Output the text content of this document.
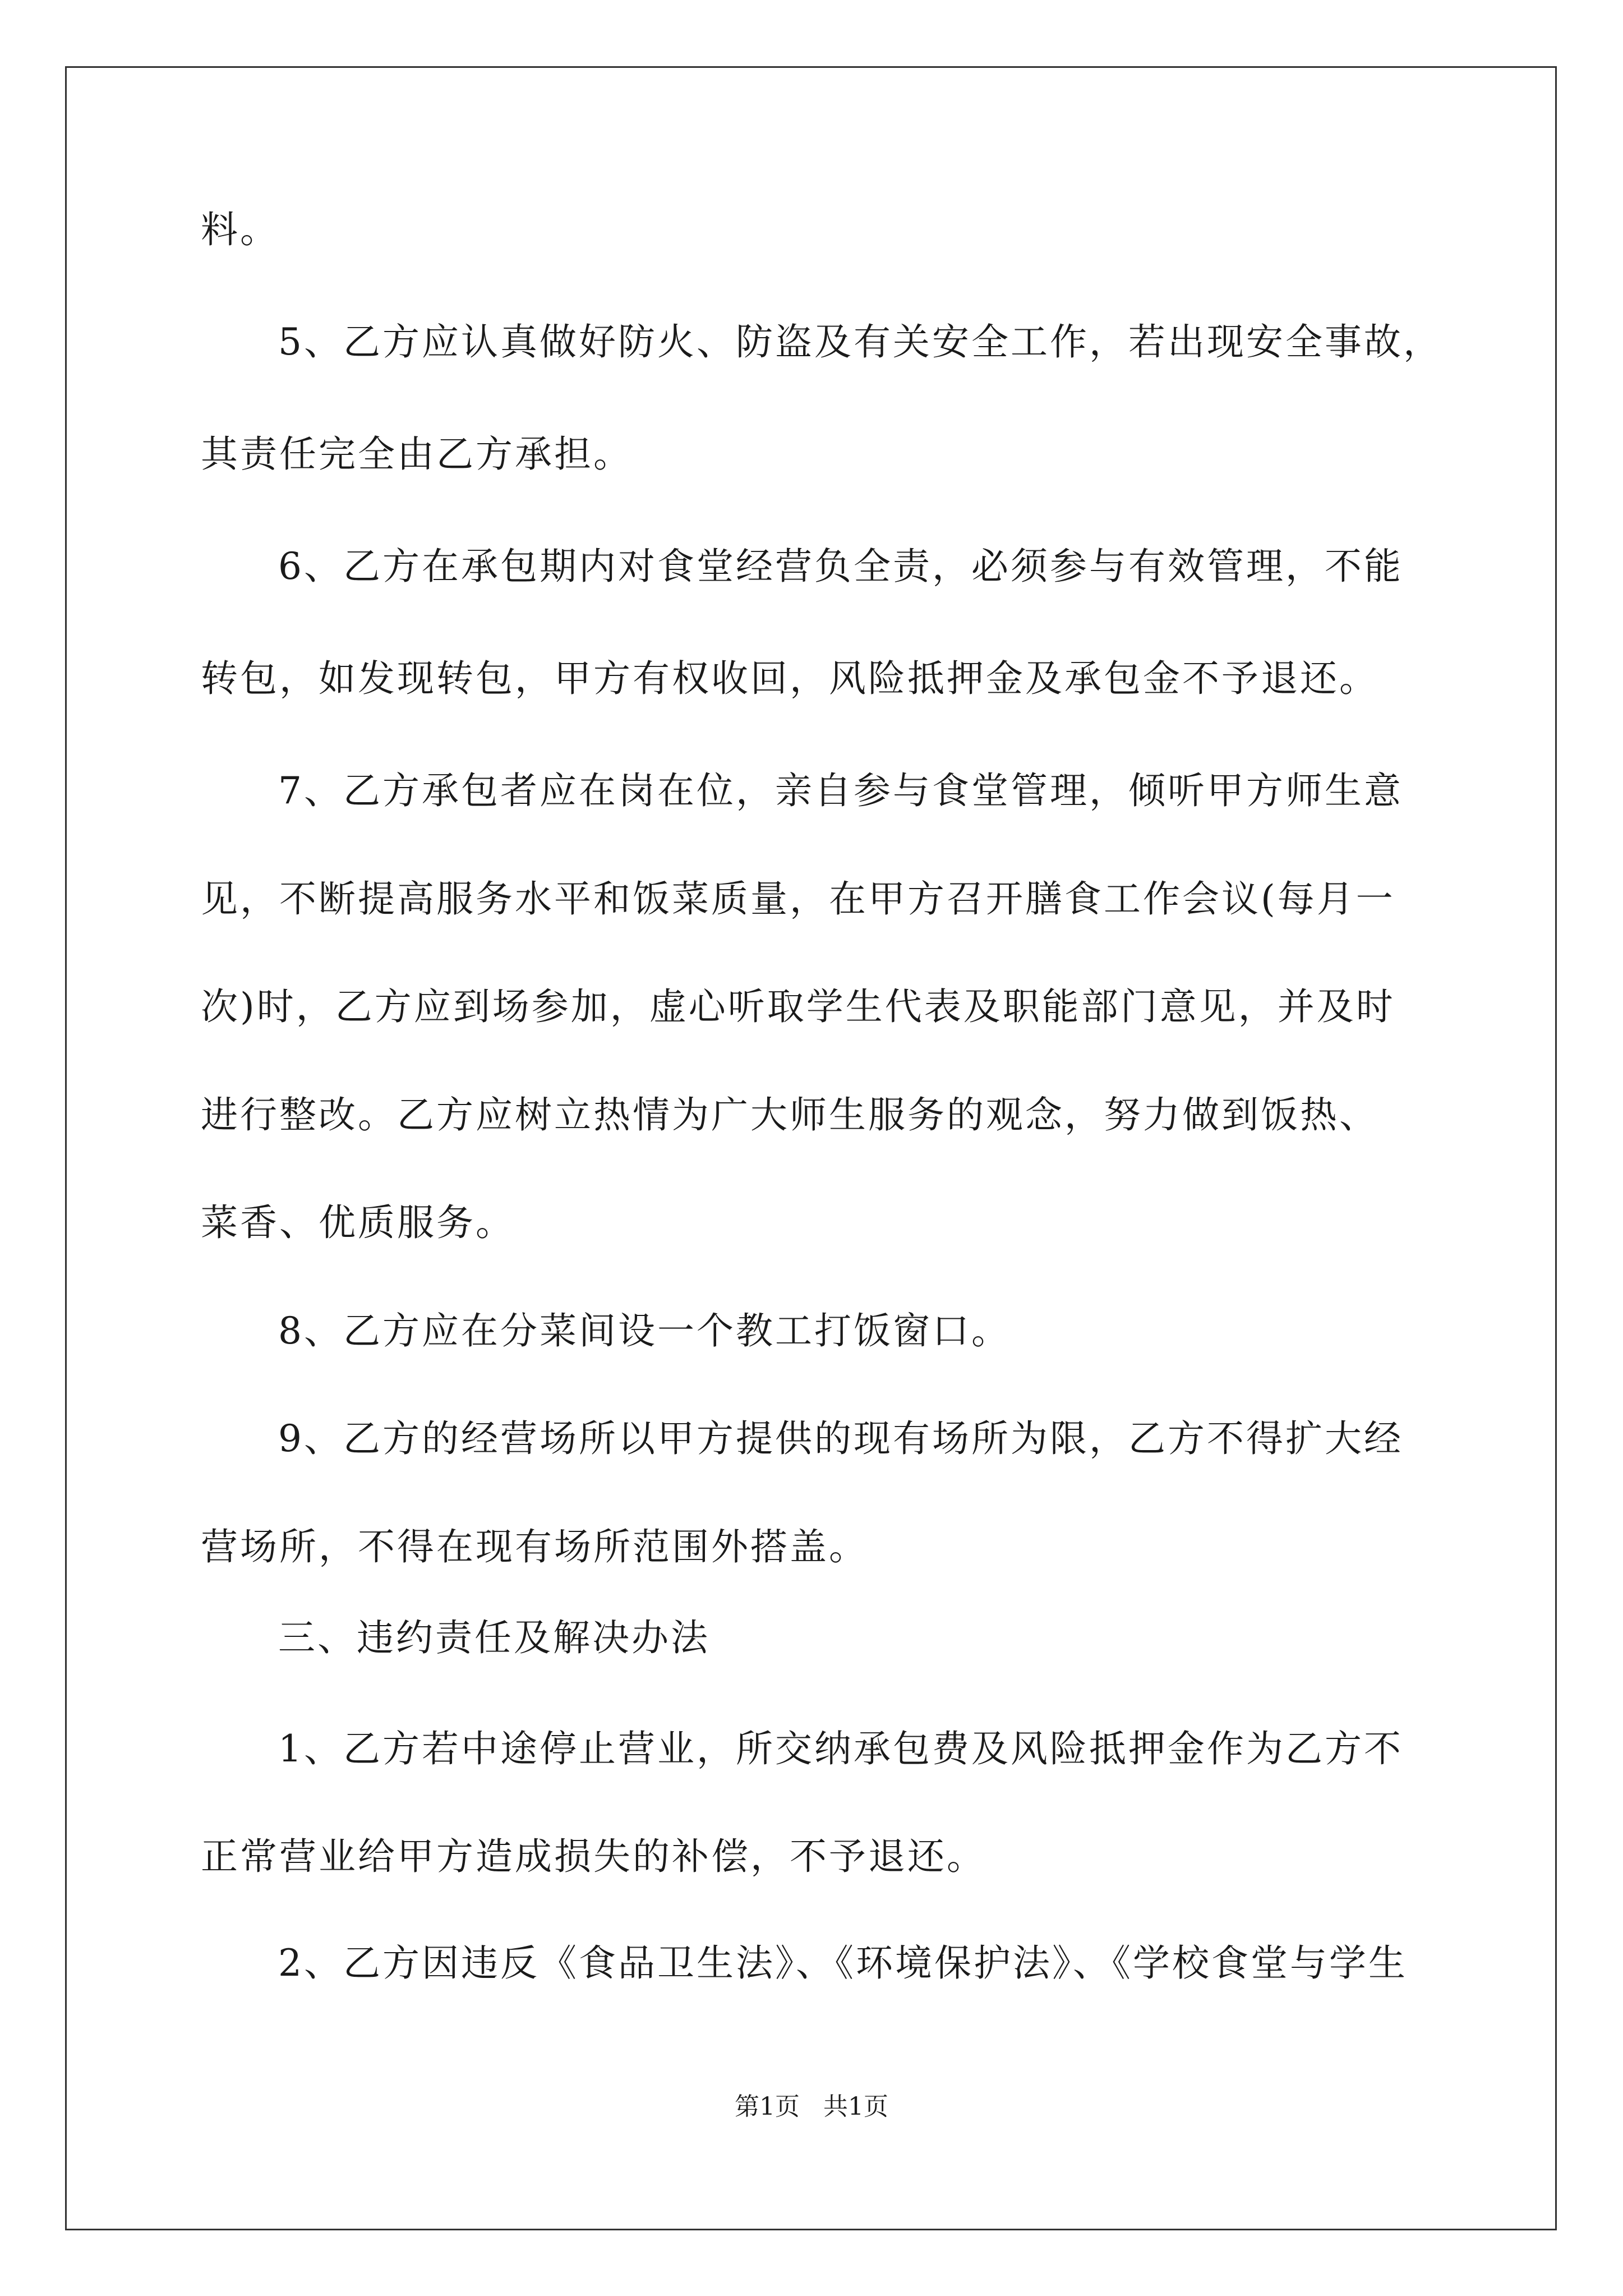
料。
5、乙方应认真做好防火、防盗及有关安全工作，若出现安全事故，
其责任完全由乙方承担。
6、乙方在承包期内对食堂经营负全责，必须参与有效管理，不能
转包，如发现转包，甲方有权收回，风险抵押金及承包金不予退还。
7、乙方承包者应在岗在位，亲自参与食堂管理，倾听甲方师生意
见，不断提高服务水平和饭菜质量，在甲方召开膳食工作会议(每月一
次)时，乙方应到场参加，虚心听取学生代表及职能部门意见，并及时
进行整改。乙方应树立热情为广大师生服务的观念，努力做到饭热、
菜香、优质服务。
8、乙方应在分菜间设一个教工打饭窗口。
9、乙方的经营场所以甲方提供的现有场所为限，乙方不得扩大经
营场所，不得在现有场所范围外搭盖。
三、违约责任及解决办法
1、乙方若中途停止营业，所交纳承包费及风险抵押金作为乙方不
正常营业给甲方造成损失的补偿，不予退还。
2、乙方因违反《食品卫生法》、《环境保护法》、《学校食堂与学生
第1页   共1页
